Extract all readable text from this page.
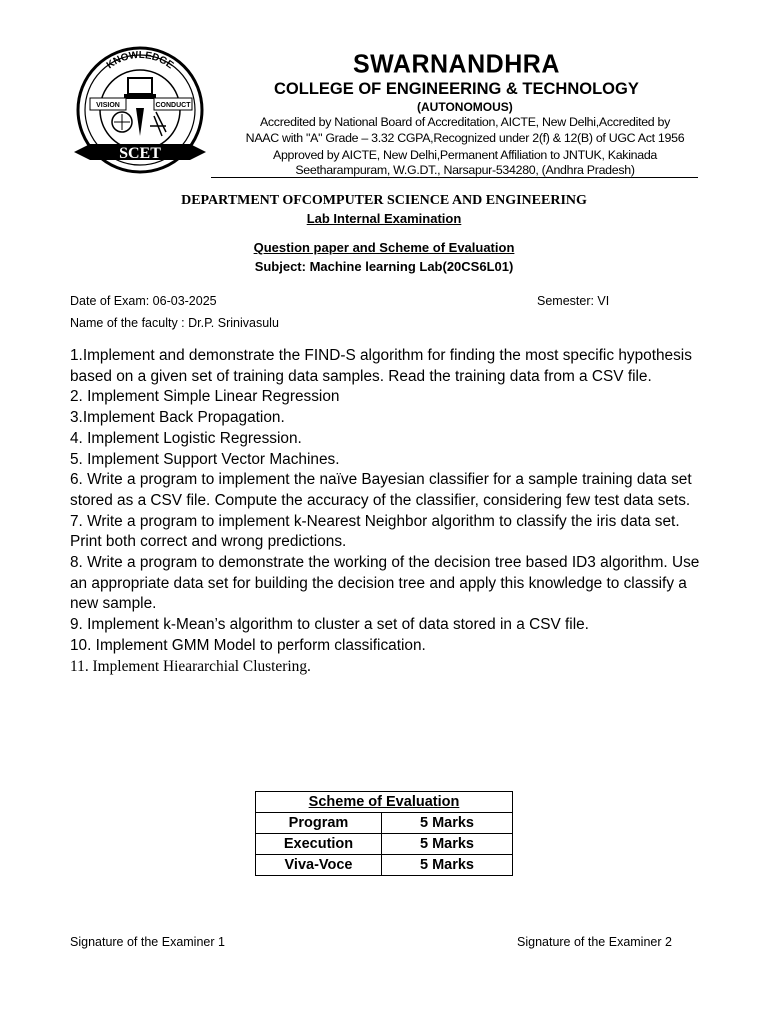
KNOWLEDGE
VISION	CONDUCT
SCET
SWARNANDHRA
COLLEGE OF ENGINEERING & TECHNOLOGY
(AUTONOMOUS)
Accredited by National Board of Accreditation, AICTE, New Delhi,Accredited by
NAAC with "A" Grade – 3.32 CGPA,Recognized under 2(f) & 12(B) of UGC Act 1956
Approved by AICTE, New Delhi,Permanent Affiliation to JNTUK, Kakinada
Seetharampuram, W.G.DT., Narsapur-534280, (Andhra Pradesh)
DEPARTMENT OFCOMPUTER SCIENCE AND ENGINEERING
Lab Internal Examination
Question paper and Scheme of Evaluation
Subject: Machine learning Lab(20CS6L01)
Date of Exam: 06-03-2025	Semester: VI
Name of the faculty : Dr.P. Srinivasulu

1.Implement and demonstrate the FIND-S algorithm for finding the most specific hypothesis based on a given set of training data samples. Read the training data from a CSV file.

2. Implement Simple Linear Regression

3.Implement Back Propagation.

4. Implement Logistic Regression.

5. Implement Support Vector Machines.

6. Write a program to implement the naïve Bayesian classifier for a sample training data set stored as a CSV file. Compute the accuracy of the classifier, considering few test data sets.

7. Write a program to implement k-Nearest Neighbor algorithm to classify the iris data set. Print both correct and wrong predictions.

8. Write a program to demonstrate the working of the decision tree based ID3 algorithm. Use an appropriate data set for building the decision tree and apply this knowledge to classify a new sample.

9. Implement k-Mean’s algorithm to cluster a set of data stored in a CSV file.

10. Implement GMM Model to perform classification.

11. Implement Hieararchial Clustering.

Scheme of Evaluation	
Program	5 Marks
Execution	5 Marks
Viva-Voce	5 Marks
Signature of the Examiner 1	Signature of the Examiner 2
